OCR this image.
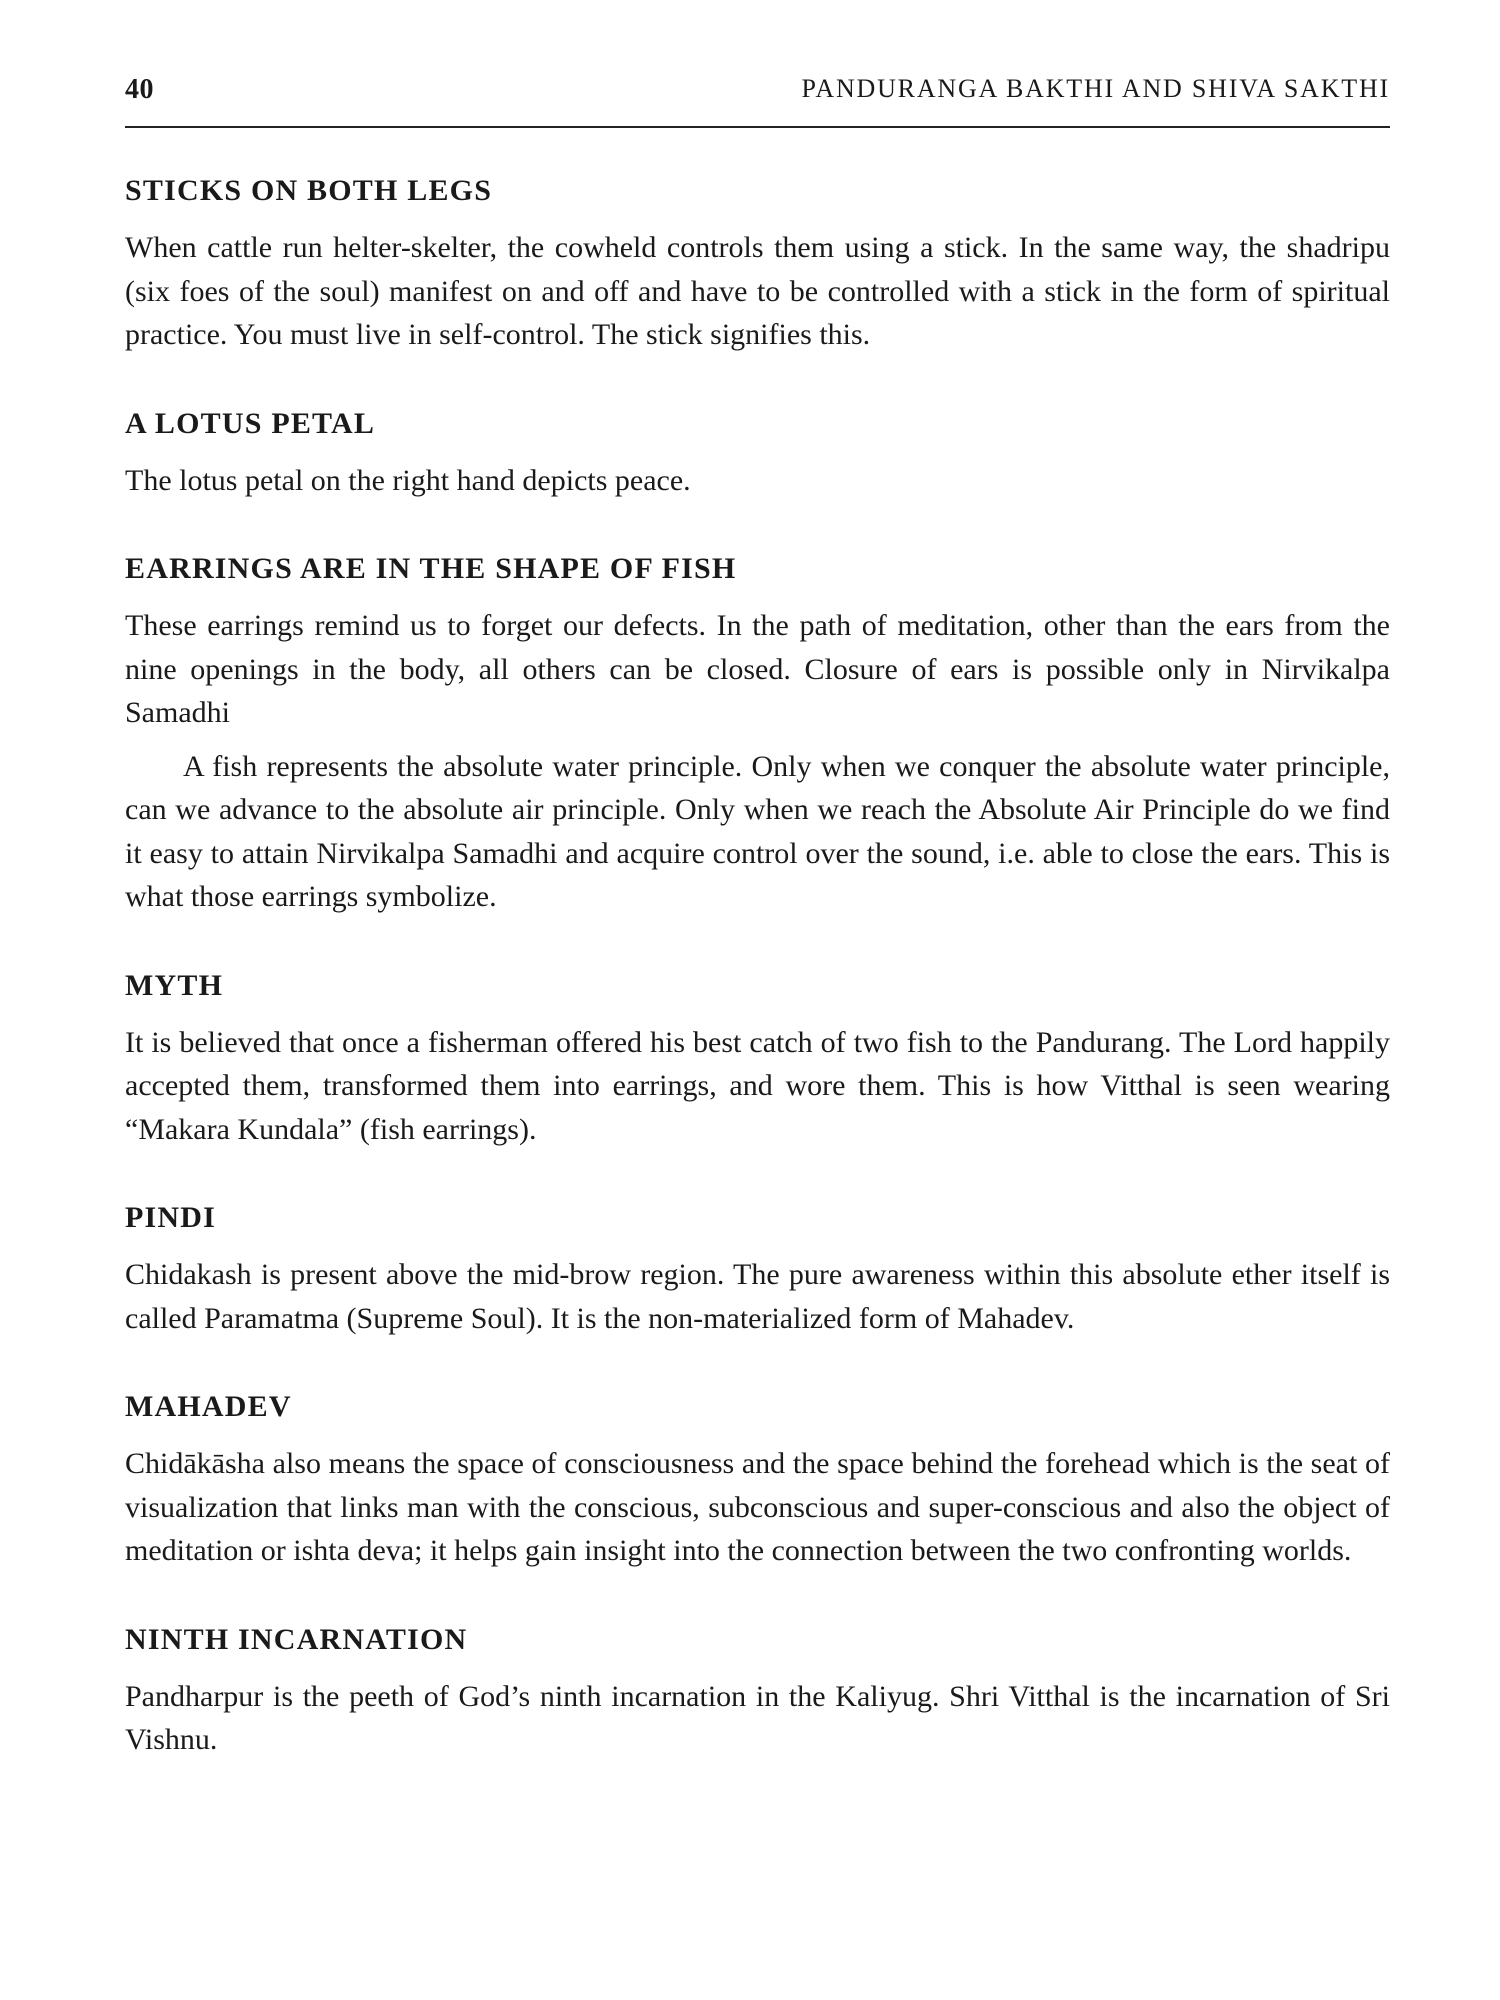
40	PANDURANGA BAKTHI AND SHIVA SAKTHI
STICKS ON BOTH LEGS

When cattle run helter-skelter, the cowheld controls them using a stick. In the same way, the shadripu (six foes of the soul) manifest on and off and have to be controlled with a stick in the form of spiritual practice. You must live in self-control. The stick signifies this.

A LOTUS PETAL

The lotus petal on the right hand depicts peace.

EARRINGS ARE IN THE SHAPE OF FISH

These earrings remind us to forget our defects. In the path of meditation, other than the ears from the nine openings in the body, all others can be closed. Closure of ears is possible only in Nirvikalpa Samadhi

A fish represents the absolute water principle. Only when we conquer the absolute water principle, can we advance to the absolute air principle. Only when we reach the Absolute Air Principle do we find it easy to attain Nirvikalpa Samadhi and acquire control over the sound, i.e. able to close the ears. This is what those earrings symbolize.

MYTH

It is believed that once a fisherman offered his best catch of two fish to the Pandurang. The Lord happily accepted them, transformed them into earrings, and wore them. This is how Vitthal is seen wearing “Makara Kundala” (fish earrings).

PINDI

Chidakash is present above the mid-brow region. The pure awareness within this absolute ether itself is called Paramatma (Supreme Soul). It is the non-materialized form of Mahadev.

MAHADEV

Chidākāsha also means the space of consciousness and the space behind the forehead which is the seat of visualization that links man with the conscious, subconscious and super-conscious and also the object of meditation or ishta deva; it helps gain insight into the connection between the two confronting worlds.

NINTH INCARNATION

Pandharpur is the peeth of God’s ninth incarnation in the Kaliyug. Shri Vitthal is the incarnation of Sri Vishnu.
